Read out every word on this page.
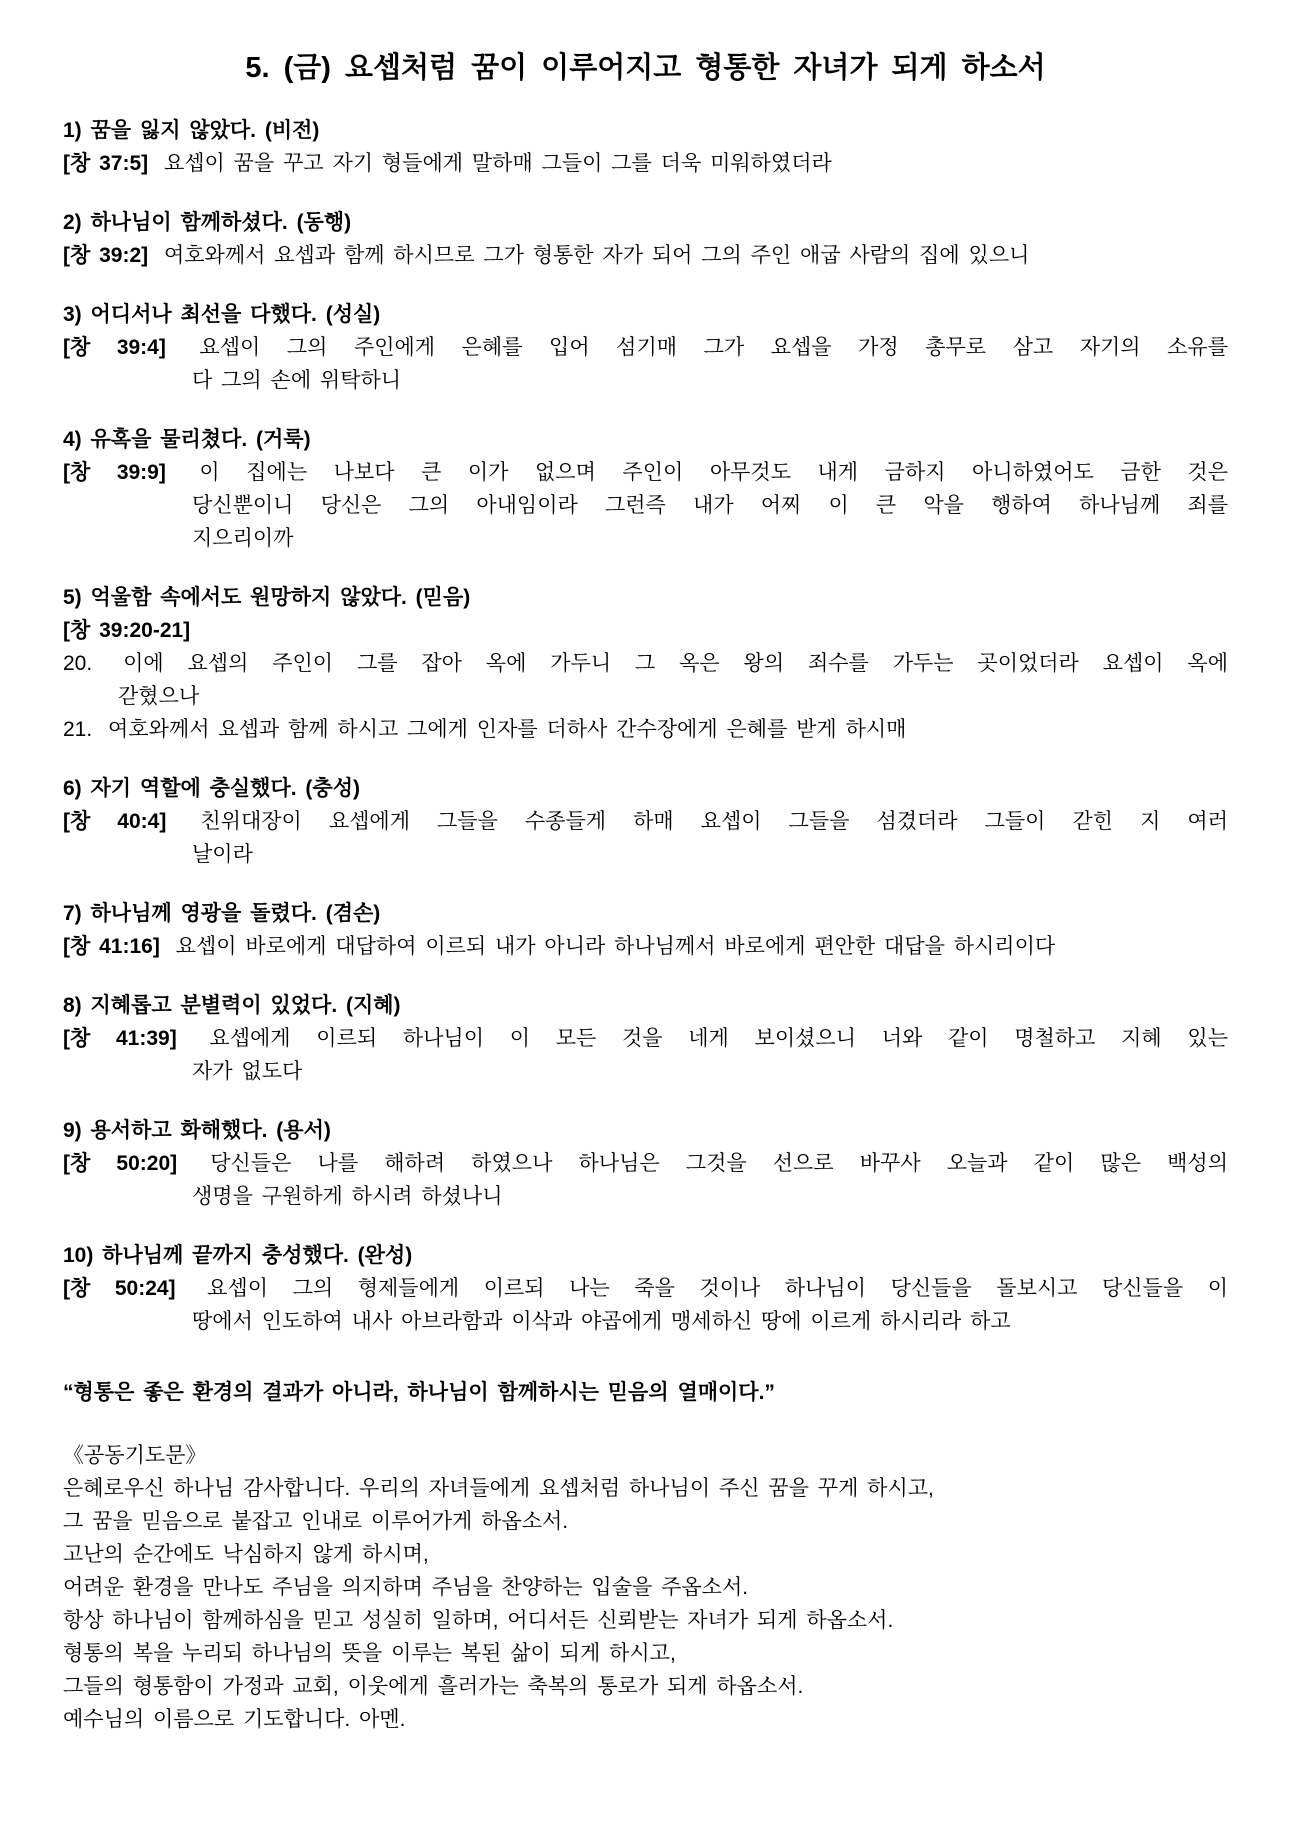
5. (금) 요셉처럼 꿈이 이루어지고 형통한 자녀가 되게 하소서
1) 꿈을 잃지 않았다. (비전)

[창 37:5] 요셉이 꿈을 꾸고 자기 형들에게 말하매 그들이 그를 더욱 미워하였더라

2) 하나님이 함께하셨다. (동행)

[창 39:2] 여호와께서 요셉과 함께 하시므로 그가 형통한 자가 되어 그의 주인 애굽 사람의 집에 있으니

3) 어디서나 최선을 다했다. (성실)

[창 39:4] 요셉이 그의 주인에게 은혜를 입어 섬기매 그가 요셉을 가정 총무로 삼고 자기의 소유를
다 그의 손에 위탁하니

4) 유혹을 물리쳤다. (거룩)

[창 39:9] 이 집에는 나보다 큰 이가 없으며 주인이 아무것도 내게 금하지 아니하였어도 금한 것은
당신뿐이니 당신은 그의 아내임이라 그런즉 내가 어찌 이 큰 악을 행하여 하나님께 죄를
지으리이까

5) 억울함 속에서도 원망하지 않았다. (믿음)

[창 39:20-21]

20. 이에 요셉의 주인이 그를 잡아 옥에 가두니 그 옥은 왕의 죄수를 가두는 곳이었더라 요셉이 옥에
갇혔으나

21. 여호와께서 요셉과 함께 하시고 그에게 인자를 더하사 간수장에게 은혜를 받게 하시매

6) 자기 역할에 충실했다. (충성)

[창 40:4] 친위대장이 요셉에게 그들을 수종들게 하매 요셉이 그들을 섬겼더라 그들이 갇힌 지 여러
날이라

7) 하나님께 영광을 돌렸다. (겸손)

[창 41:16] 요셉이 바로에게 대답하여 이르되 내가 아니라 하나님께서 바로에게 편안한 대답을 하시리이다

8) 지혜롭고 분별력이 있었다. (지혜)

[창 41:39] 요셉에게 이르되 하나님이 이 모든 것을 네게 보이셨으니 너와 같이 명철하고 지혜 있는
자가 없도다

9) 용서하고 화해했다. (용서)

[창 50:20] 당신들은 나를 해하려 하였으나 하나님은 그것을 선으로 바꾸사 오늘과 같이 많은 백성의
생명을 구원하게 하시려 하셨나니

10) 하나님께 끝까지 충성했다. (완성)

[창 50:24] 요셉이 그의 형제들에게 이르되 나는 죽을 것이나 하나님이 당신들을 돌보시고 당신들을 이
땅에서 인도하여 내사 아브라함과 이삭과 야곱에게 맹세하신 땅에 이르게 하시리라 하고

“형통은 좋은 환경의 결과가 아니라, 하나님이 함께하시는 믿음의 열매이다.”

《공동기도문》

은혜로우신 하나님 감사합니다. 우리의 자녀들에게 요셉처럼 하나님이 주신 꿈을 꾸게 하시고,
그 꿈을 믿음으로 붙잡고 인내로 이루어가게 하옵소서.
고난의 순간에도 낙심하지 않게 하시며,
어려운 환경을 만나도 주님을 의지하며 주님을 찬양하는 입술을 주옵소서.
항상 하나님이 함께하심을 믿고 성실히 일하며, 어디서든 신뢰받는 자녀가 되게 하옵소서.
형통의 복을 누리되 하나님의 뜻을 이루는 복된 삶이 되게 하시고,
그들의 형통함이 가정과 교회, 이웃에게 흘러가는 축복의 통로가 되게 하옵소서.
예수님의 이름으로 기도합니다. 아멘.
